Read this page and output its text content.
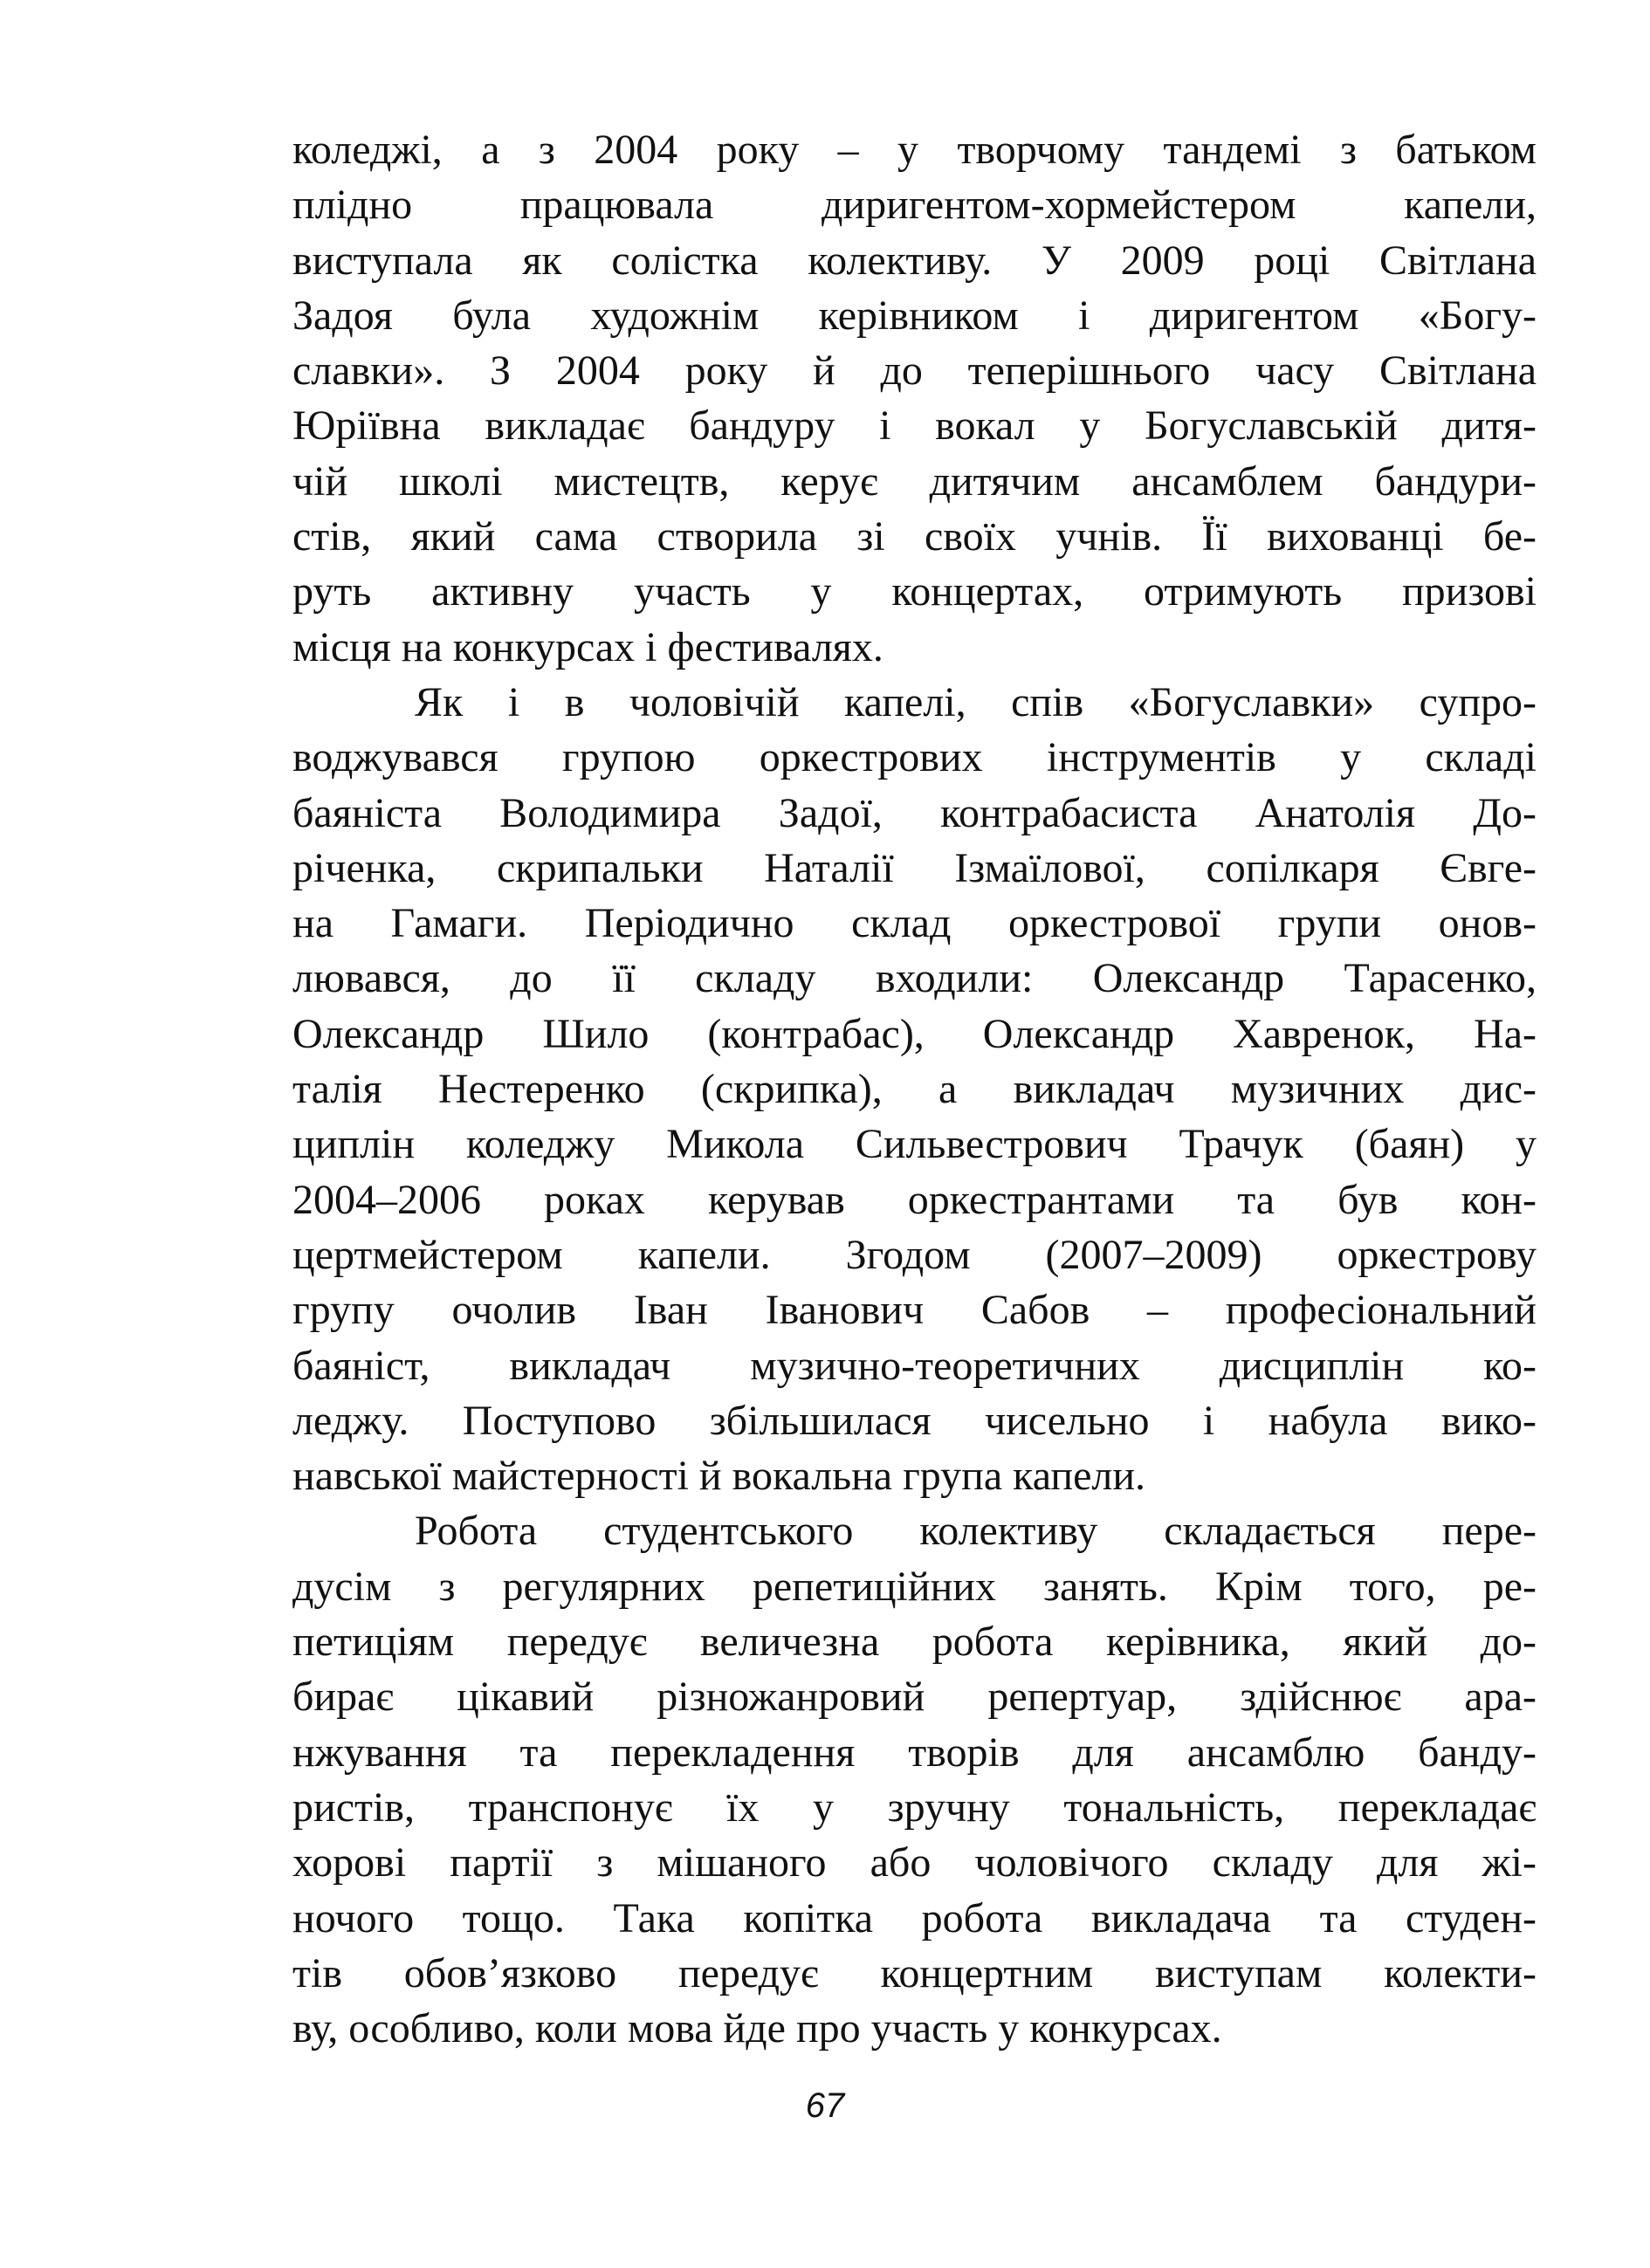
коледжі, а з 2004 року – у творчому тандемі з батьком
плідно працювала диригентом-хормейстером капели,
виступала як солістка колективу. У 2009 році Світлана
Задоя була художнім керівником і диригентом «Богу-
славки». З 2004 року й до теперішнього часу Світлана
Юріївна викладає бандуру і вокал у Богуславській дитя-
чій школі мистецтв, керує дитячим ансамблем бандури-
стів, який сама створила зі своїх учнів. Її вихованці бе-
руть активну участь у концертах, отримують призові
місця на конкурсах і фестивалях.
Як і в чоловічій капелі, спів «Богуславки» супро-
воджувався групою оркестрових інструментів у складі
баяніста Володимира Задої, контрабасиста Анатолія До-
річенка, скрипальки Наталії Ізмаїлової, сопілкаря Євге-
на Гамаги. Періодично склад оркестрової групи онов-
лювався, до її складу входили: Олександр Тарасенко,
Олександр Шило (контрабас), Олександр Хавренок, На-
талія Нестеренко (скрипка), а викладач музичних дис-
циплін коледжу Микола Сильвестрович Трачук (баян) у
2004–2006 роках керував оркестрантами та був кон-
цертмейстером капели. Згодом (2007–2009) оркестрову
групу очолив Іван Іванович Сабов – професіональний
баяніст, викладач музично-теоретичних дисциплін ко-
леджу. Поступово збільшилася чисельно і набула вико-
навської майстерності й вокальна група капели.
Робота студентського колективу складається пере-
дусім з регулярних репетиційних занять. Крім того, ре-
петиціям передує величезна робота керівника, який до-
бирає цікавий різножанровий репертуар, здійснює ара-
нжування та перекладення творів для ансамблю банду-
ристів, транспонує їх у зручну тональність, перекладає
хорові партії з мішаного або чоловічого складу для жі-
ночого тощо. Така копітка робота викладача та студен-
тів обов’язково передує концертним виступам колекти-
ву, особливо, коли мова йде про участь у конкурсах.
67
